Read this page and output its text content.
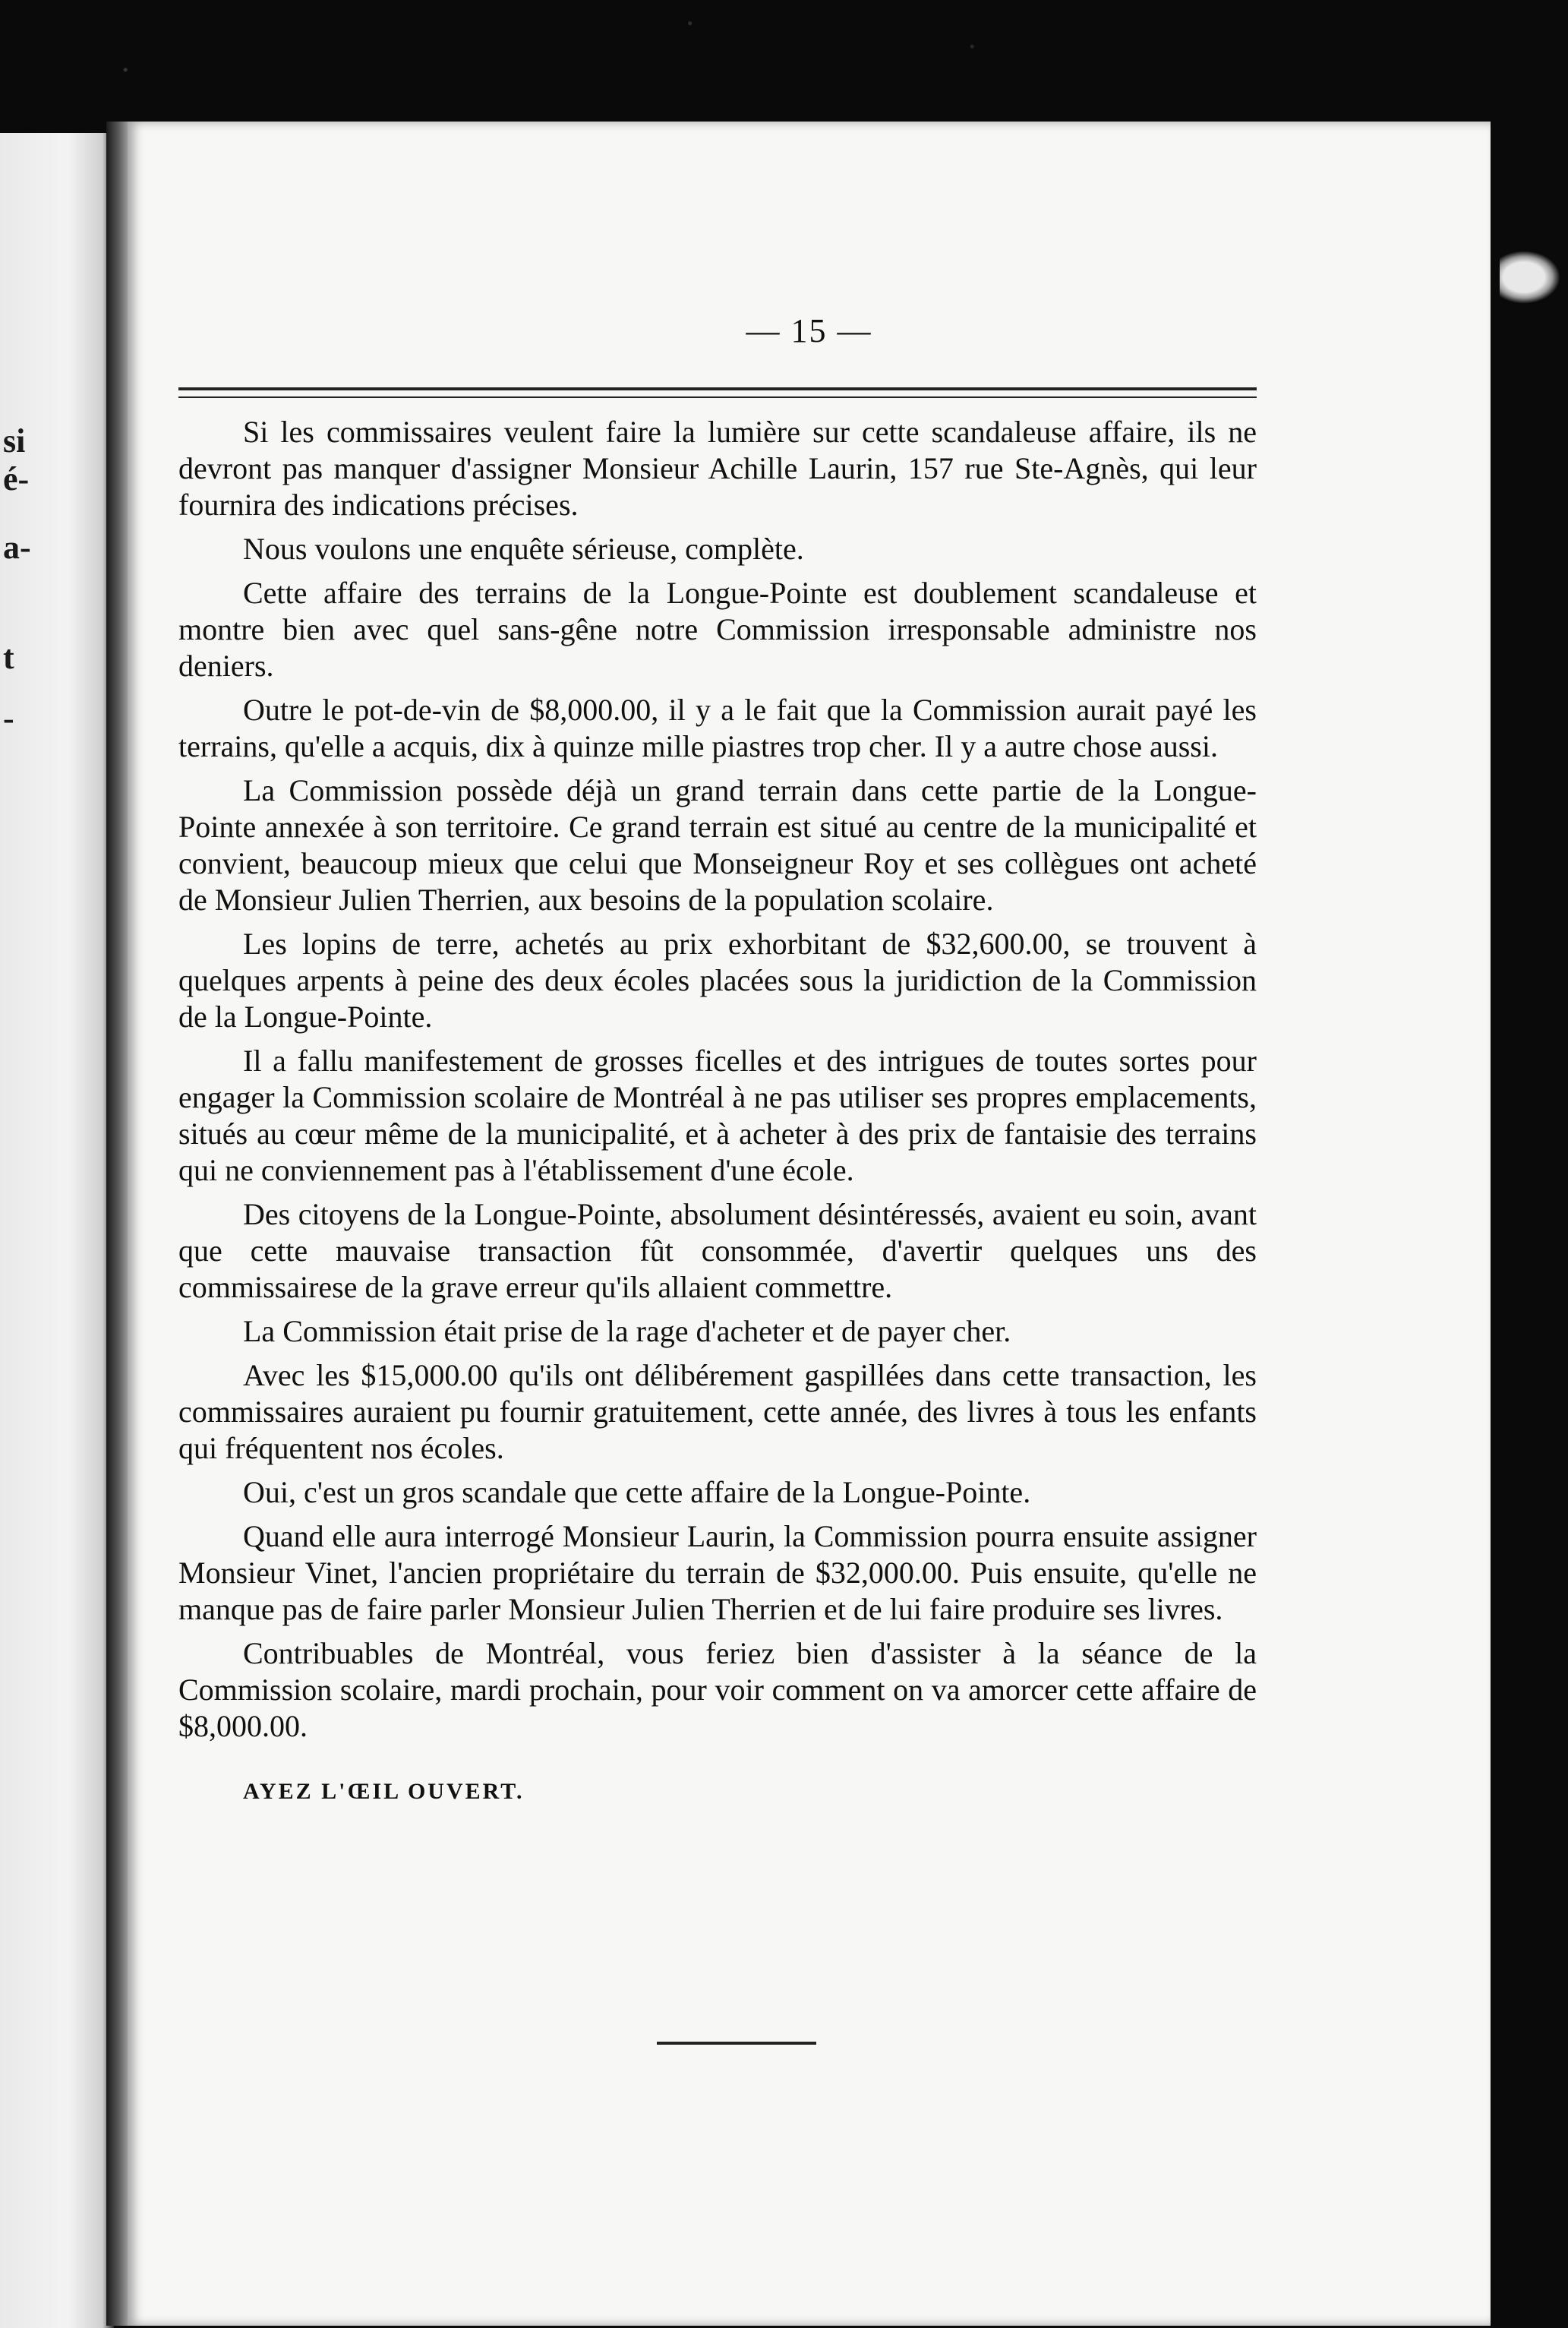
si
é-
a-
t
-
— 15 —

Si les commissaires veulent faire la lumière sur cette scandaleuse affaire, ils ne devront pas manquer d'assigner Monsieur Achille Laurin, 157 rue Ste-Agnès, qui leur fournira des indications précises.

Nous voulons une enquête sérieuse, complète.

Cette affaire des terrains de la Longue-Pointe est doublement scandaleuse et montre bien avec quel sans-gêne notre Commission irresponsable administre nos deniers.

Outre le pot-de-vin de $8,000.00, il y a le fait que la Commission aurait payé les terrains, qu'elle a acquis, dix à quinze mille piastres trop cher. Il y a autre chose aussi.

La Commission possède déjà un grand terrain dans cette partie de la Longue-Pointe annexée à son territoire. Ce grand terrain est situé au centre de la municipalité et convient, beaucoup mieux que celui que Monseigneur Roy et ses collègues ont acheté de Monsieur Julien Therrien, aux besoins de la population scolaire.

Les lopins de terre, achetés au prix exhorbitant de $32,600.00, se trouvent à quelques arpents à peine des deux écoles placées sous la juridiction de la Commission de la Longue-Pointe.

Il a fallu manifestement de grosses ficelles et des intrigues de toutes sortes pour engager la Commission scolaire de Montréal à ne pas utiliser ses propres emplacements, situés au cœur même de la municipalité, et à acheter à des prix de fantaisie des terrains qui ne conviennement pas à l'établissement d'une école.

Des citoyens de la Longue-Pointe, absolument désintéressés, avaient eu soin, avant que cette mauvaise transaction fût consommée, d'avertir quelques uns des commissairese de la grave erreur qu'ils allaient commettre.

La Commission était prise de la rage d'acheter et de payer cher.

Avec les $15,000.00 qu'ils ont délibérement gaspillées dans cette transaction, les commissaires auraient pu fournir gratuitement, cette année, des livres à tous les enfants qui fréquentent nos écoles.

Oui, c'est un gros scandale que cette affaire de la Longue-Pointe.

Quand elle aura interrogé Monsieur Laurin, la Commission pourra ensuite assigner Monsieur Vinet, l'ancien propriétaire du terrain de $32,000.00. Puis ensuite, qu'elle ne manque pas de faire parler Monsieur Julien Therrien et de lui faire produire ses livres.

Contribuables de Montréal, vous feriez bien d'assister à la séance de la Commission scolaire, mardi prochain, pour voir comment on va amorcer cette affaire de $8,000.00.

AYEZ L'ŒIL OUVERT.
